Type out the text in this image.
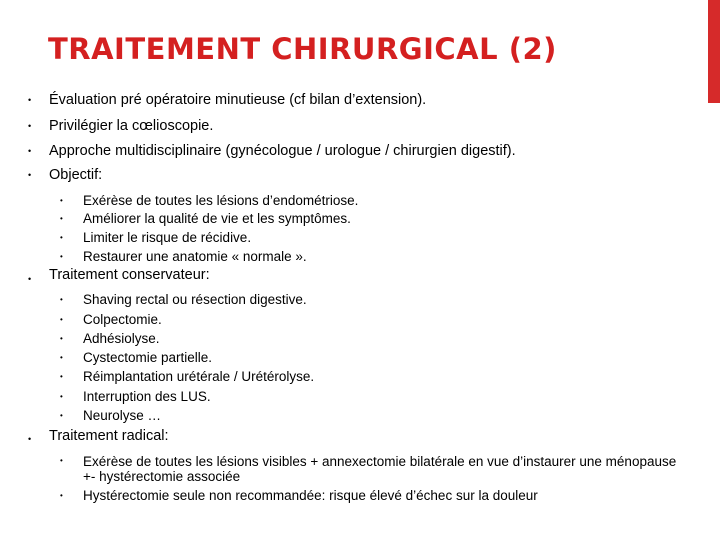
TRAITEMENT CHIRURGICAL (2)
• Évaluation pré opératoire minutieuse (cf bilan d’extension).
• Privilégier la cœlioscopie.
• Approche multidisciplinaire (gynécologue / urologue / chirurgien digestif).
• Objectif:
• Exérèse de toutes les lésions d’endométriose.
• Améliorer la qualité de vie et les symptômes.
• Limiter le risque de récidive.
• Restaurer une anatomie « normale ».
• Traitement conservateur:
• Shaving rectal ou résection digestive.
• Colpectomie.
• Adhésiolyse.
• Cystectomie partielle.
• Réimplantation urétérale / Urétérolyse.
• Interruption des LUS.
• Neurolyse …
• Traitement radical:
• Exérèse de toutes les lésions visibles + annexectomie bilatérale en vue d’instaurer une ménopause +- hystérectomie associée
• Hystérectomie seule non recommandée: risque élevé d’échec sur la douleur
